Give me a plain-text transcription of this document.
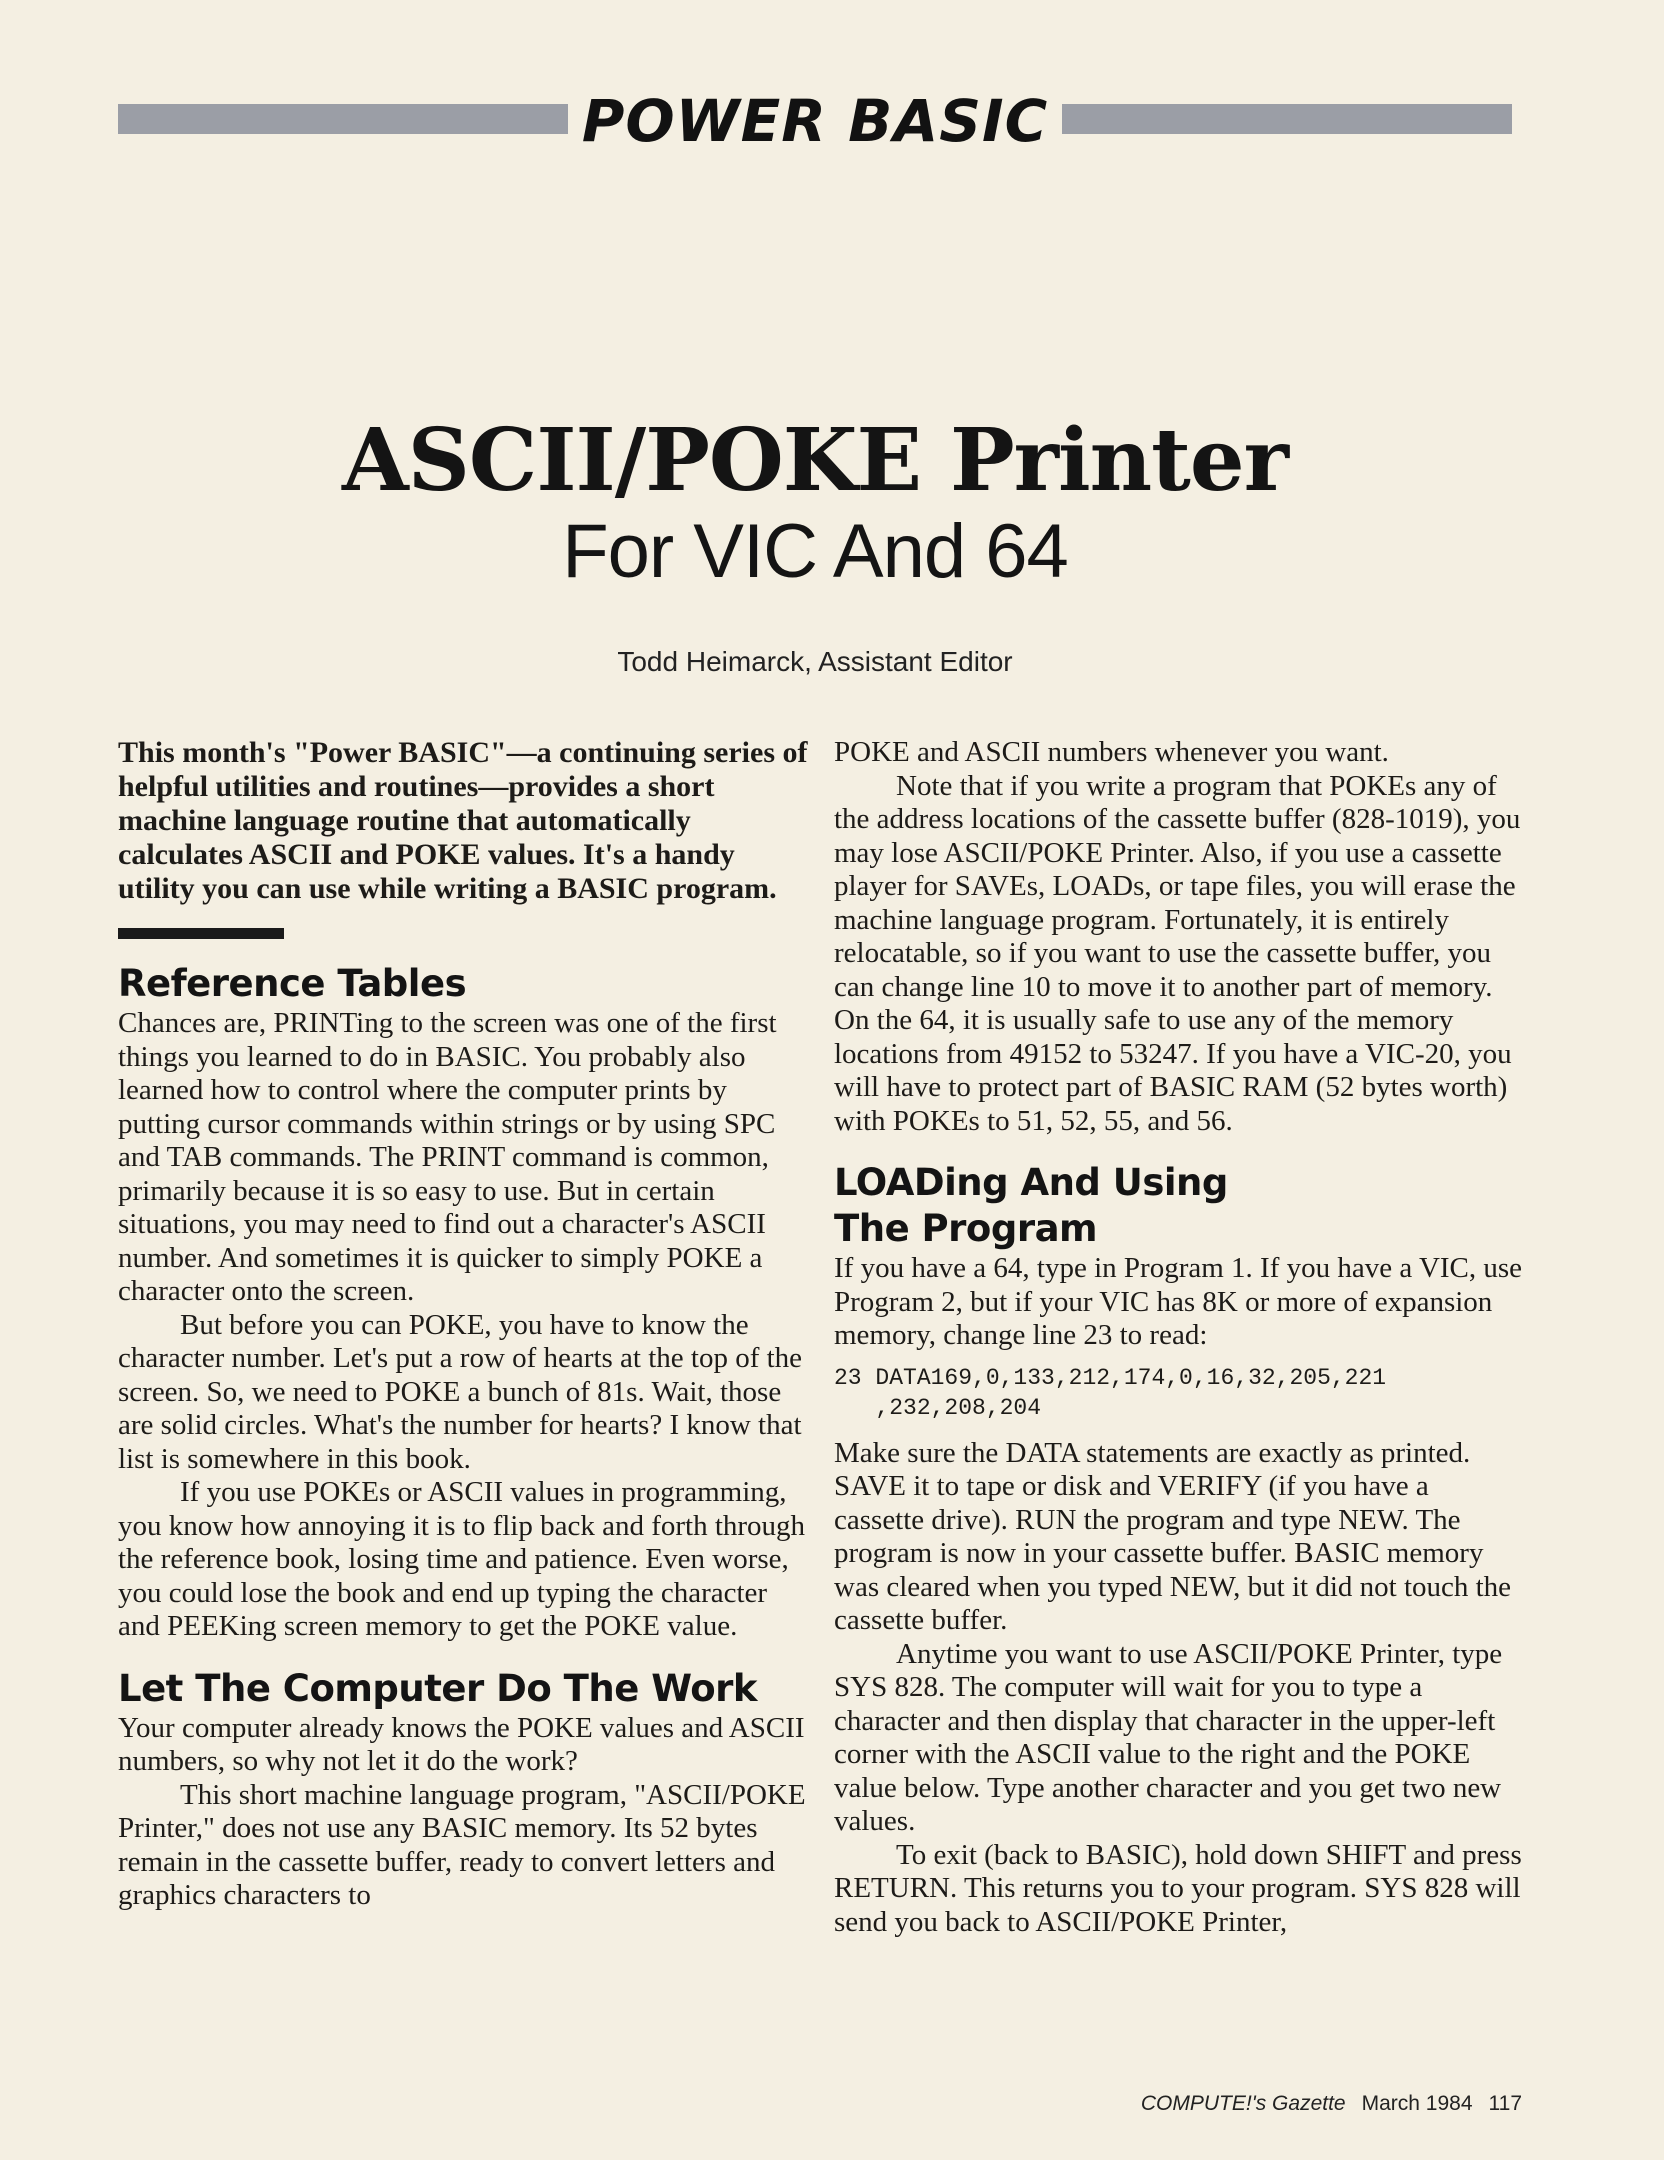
POWER BASIC
ASCII/POKE Printer
For VIC And 64
Todd Heimarck, Assistant Editor

This month's "Power BASIC"—a continuing series of helpful utilities and routines—provides a short machine language routine that automatically calculates ASCII and POKE values. It's a handy utility you can use while writing a BASIC program.

Reference Tables

Chances are, PRINTing to the screen was one of the first things you learned to do in BASIC. You probably also learned how to control where the computer prints by putting cursor commands within strings or by using SPC and TAB commands. The PRINT command is common, primarily because it is so easy to use. But in certain situations, you may need to find out a character's ASCII number. And sometimes it is quicker to simply POKE a character onto the screen.

But before you can POKE, you have to know the character number. Let's put a row of hearts at the top of the screen. So, we need to POKE a bunch of 81s. Wait, those are solid circles. What's the number for hearts? I know that list is somewhere in this book.

If you use POKEs or ASCII values in programming, you know how annoying it is to flip back and forth through the reference book, losing time and patience. Even worse, you could lose the book and end up typing the character and PEEKing screen memory to get the POKE value.

Let The Computer Do The Work

Your computer already knows the POKE values and ASCII numbers, so why not let it do the work?

This short machine language program, "ASCII/POKE Printer," does not use any BASIC memory. Its 52 bytes remain in the cassette buffer, ready to convert letters and graphics characters to

POKE and ASCII numbers whenever you want.

Note that if you write a program that POKEs any of the address locations of the cassette buffer (828-1019), you may lose ASCII/POKE Printer. Also, if you use a cassette player for SAVEs, LOADs, or tape files, you will erase the machine language program. Fortunately, it is entirely relocatable, so if you want to use the cassette buffer, you can change line 10 to move it to another part of memory. On the 64, it is usually safe to use any of the memory locations from 49152 to 53247. If you have a VIC-20, you will have to protect part of BASIC RAM (52 bytes worth) with POKEs to 51, 52, 55, and 56.

LOADing And Using The Program

If you have a 64, type in Program 1. If you have a VIC, use Program 2, but if your VIC has 8K or more of expansion memory, change line 23 to read:

23 DATA169,0,133,212,174,0,16,32,205,221
,232,208,204

Make sure the DATA statements are exactly as printed. SAVE it to tape or disk and VERIFY (if you have a cassette drive). RUN the program and type NEW. The program is now in your cassette buffer. BASIC memory was cleared when you typed NEW, but it did not touch the cassette buffer.

Anytime you want to use ASCII/POKE Printer, type SYS 828. The computer will wait for you to type a character and then display that character in the upper-left corner with the ASCII value to the right and the POKE value below. Type another character and you get two new values.

To exit (back to BASIC), hold down SHIFT and press RETURN. This returns you to your program. SYS 828 will send you back to ASCII/POKE Printer,

COMPUTE!'s Gazette March 1984 117
